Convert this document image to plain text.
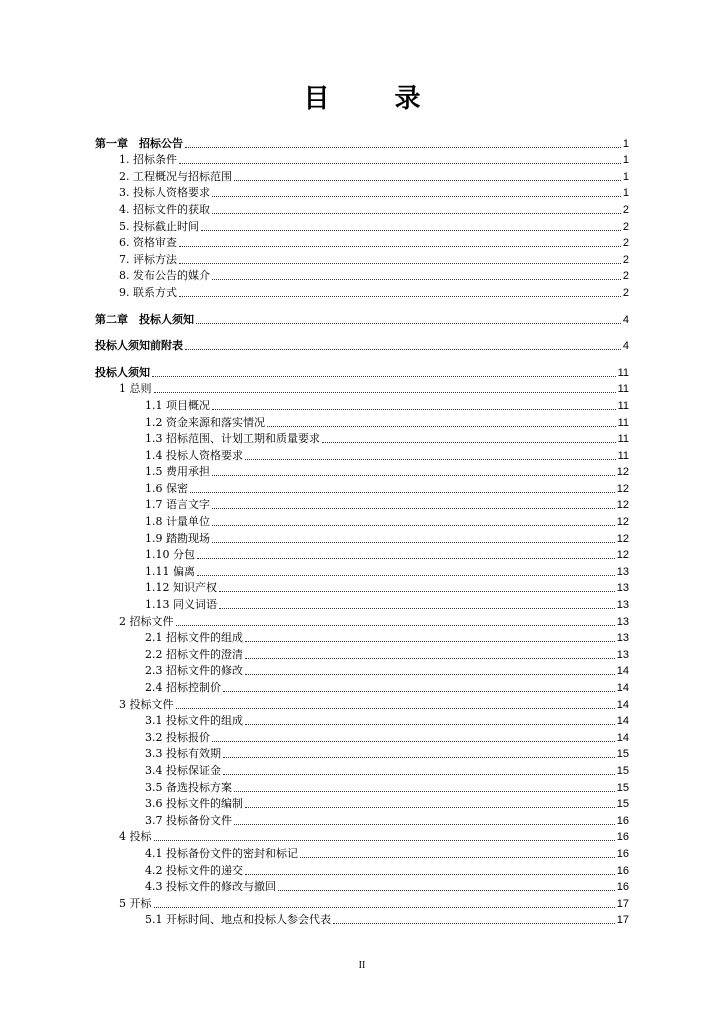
目 录
第一章　招标公告	1
1. 招标条件	1
2. 工程概况与招标范围	1
3. 投标人资格要求	1
4. 招标文件的获取	2
5. 投标截止时间	2
6. 资格审查	2
7. 评标方法	2
8. 发布公告的媒介	2
9. 联系方式	2
第二章　投标人须知	4
投标人须知前附表	4
投标人须知	11
1 总则	11
1.1 项目概况	11
1.2 资金来源和落实情况	11
1.3 招标范围、计划工期和质量要求	11
1.4 投标人资格要求	11
1.5 费用承担	12
1.6 保密	12
1.7 语言文字	12
1.8 计量单位	12
1.9 踏勘现场	12
1.10 分包	12
1.11 偏离	13
1.12 知识产权	13
1.13 同义词语	13
2 招标文件	13
2.1 招标文件的组成	13
2.2 招标文件的澄清	13
2.3 招标文件的修改	14
2.4 招标控制价	14
3 投标文件	14
3.1 投标文件的组成	14
3.2 投标报价	14
3.3 投标有效期	15
3.4 投标保证金	15
3.5 备选投标方案	15
3.6 投标文件的编制	15
3.7 投标备份文件	16
4 投标	16
4.1 投标备份文件的密封和标记	16
4.2 投标文件的递交	16
4.3 投标文件的修改与撤回	16
5 开标	17
5.1 开标时间、地点和投标人参会代表	17
II
